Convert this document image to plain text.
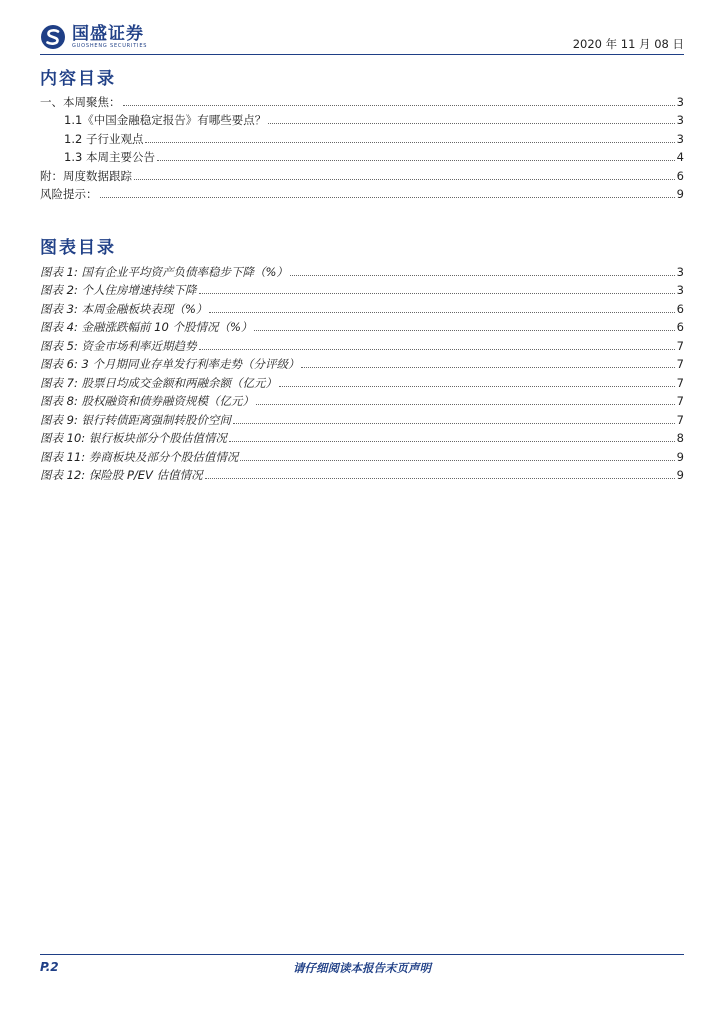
国盛证券
GUOSHENG SECURITIES	2020 年 11 月 08 日
内容目录
一、本周聚焦：	3
1.1《中国金融稳定报告》有哪些要点？	3
1.2 子行业观点	3
1.3 本周主要公告	4
附：周度数据跟踪	6
风险提示：	9
图表目录
图表 1: 国有企业平均资产负债率稳步下降（%）	3
图表 2: 个人住房增速持续下降	3
图表 3: 本周金融板块表现（%）	6
图表 4: 金融涨跌幅前 10 个股情况（%）	6
图表 5: 资金市场利率近期趋势	7
图表 6: 3 个月期同业存单发行利率走势（分评级）	7
图表 7: 股票日均成交金额和两融余额（亿元）	7
图表 8: 股权融资和债券融资规模（亿元）	7
图表 9: 银行转债距离强制转股价空间	7
图表 10: 银行板块部分个股估值情况	8
图表 11: 券商板块及部分个股估值情况	9
图表 12: 保险股 P/EV 估值情况	9
P.2	请仔细阅读本报告末页声明
